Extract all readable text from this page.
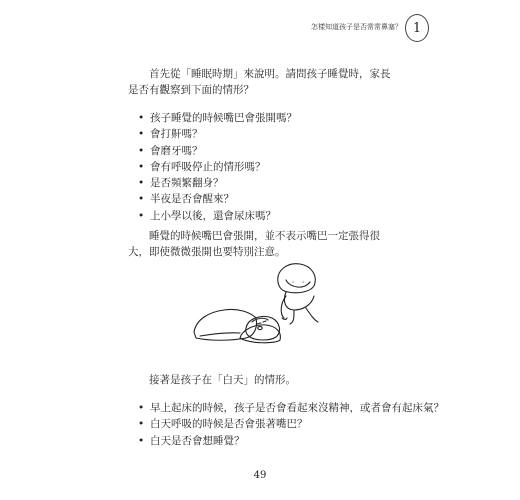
怎樣知道孩子是否常常鼻塞？ 1

首先從「睡眠時期」來說明。請問孩子睡覺時，家長是否有觀察到下面的情形？

• 孩子睡覺的時候嘴巴會張開嗎？
• 會打鼾嗎？
• 會磨牙嗎？
• 會有呼吸停止的情形嗎？
• 是否頻繁翻身？
• 半夜是否會醒來？
• 上小學以後，還會尿床嗎？

睡覺的時候嘴巴會張開，並不表示嘴巴一定張得很大，即使微微張開也要特別注意。

接著是孩子在「白天」的情形。

• 早上起床的時候，孩子是否會看起來沒精神，或者會有起床氣？
• 白天呼吸的時候是否會張著嘴巴？
• 白天是否會想睡覺？
49
